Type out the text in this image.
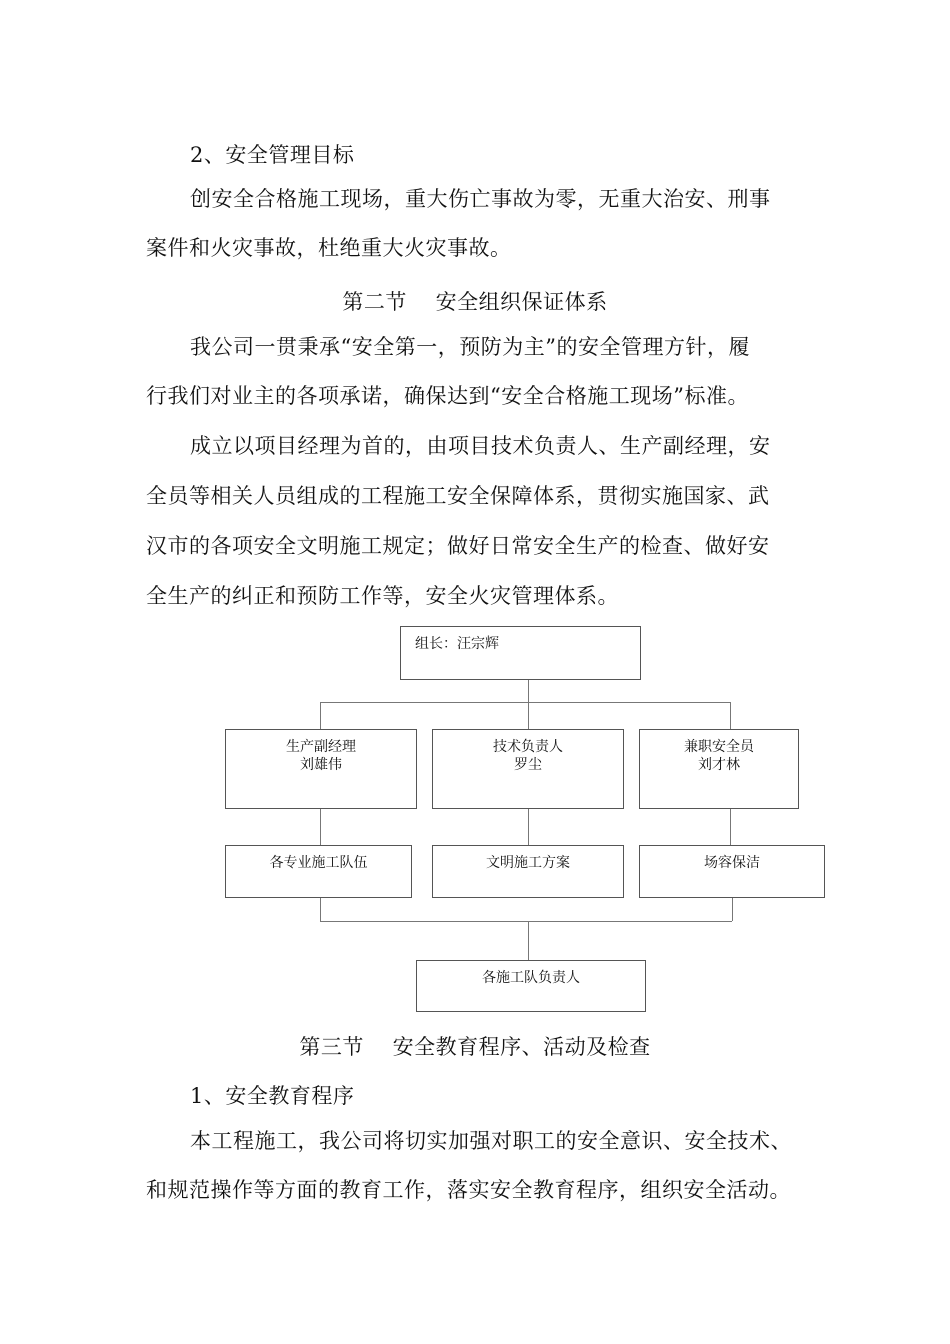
2、安全管理目标
创安全合格施工现场，重大伤亡事故为零，无重大治安、刑事
案件和火灾事故，杜绝重大火灾事故。
第二节    安全组织保证体系
我公司一贯秉承“安全第一，预防为主”的安全管理方针，履
行我们对业主的各项承诺，确保达到“安全合格施工现场”标准。
成立以项目经理为首的，由项目技术负责人、生产副经理，安
全员等相关人员组成的工程施工安全保障体系，贯彻实施国家、武
汉市的各项安全文明施工规定；做好日常安全生产的检查、做好安
全生产的纠正和预防工作等，安全火灾管理体系。
组长：汪宗辉
生产副经理
刘雄伟
技术负责人
罗尘
兼职安全员
刘才林
各专业施工队伍	文明施工方案	场容保洁
各施工队负责人
第三节    安全教育程序、活动及检查
1、安全教育程序
本工程施工，我公司将切实加强对职工的安全意识、安全技术、
和规范操作等方面的教育工作，落实安全教育程序，组织安全活动。
